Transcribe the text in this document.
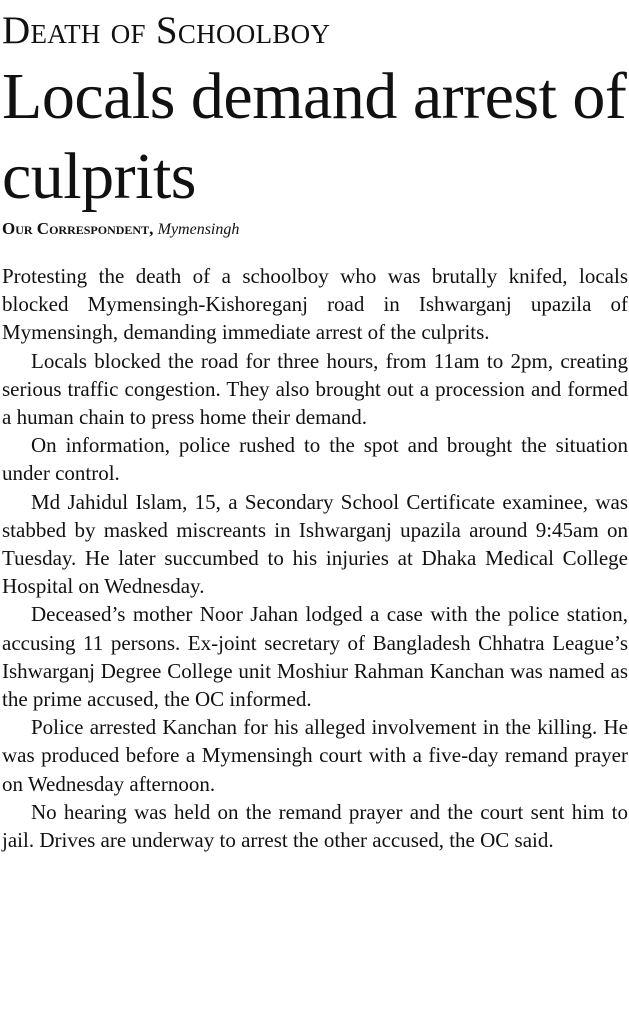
Death of Schoolboy
Locals demand arrest of culprits
Our Correspondent, Mymensingh

Protesting the death of a schoolboy who was brutally knifed, locals blocked Mymensingh-Kishoreganj road in Ishwarganj upazila of Mymensingh, demanding immediate arrest of the culprits.

Locals blocked the road for three hours, from 11am to 2pm, creating serious traffic congestion. They also brought out a procession and formed a human chain to press home their demand.

On information, police rushed to the spot and brought the situation under control.

Md Jahidul Islam, 15, a Secondary School Certificate examinee, was stabbed by masked miscreants in Ishwarganj upazila around 9:45am on Tuesday. He later succumbed to his injuries at Dhaka Medical College Hospital on Wednesday.

Deceased’s mother Noor Jahan lodged a case with the police station, accusing 11 persons. Ex-joint secretary of Bangladesh Chhatra League’s Ishwarganj Degree College unit Moshiur Rahman Kanchan was named as the prime accused, the OC informed.

Police arrested Kanchan for his alleged involvement in the killing. He was produced before a Mymensingh court with a five-day remand prayer on Wednesday afternoon.

No hearing was held on the remand prayer and the court sent him to jail. Drives are underway to arrest the other accused, the OC said.
